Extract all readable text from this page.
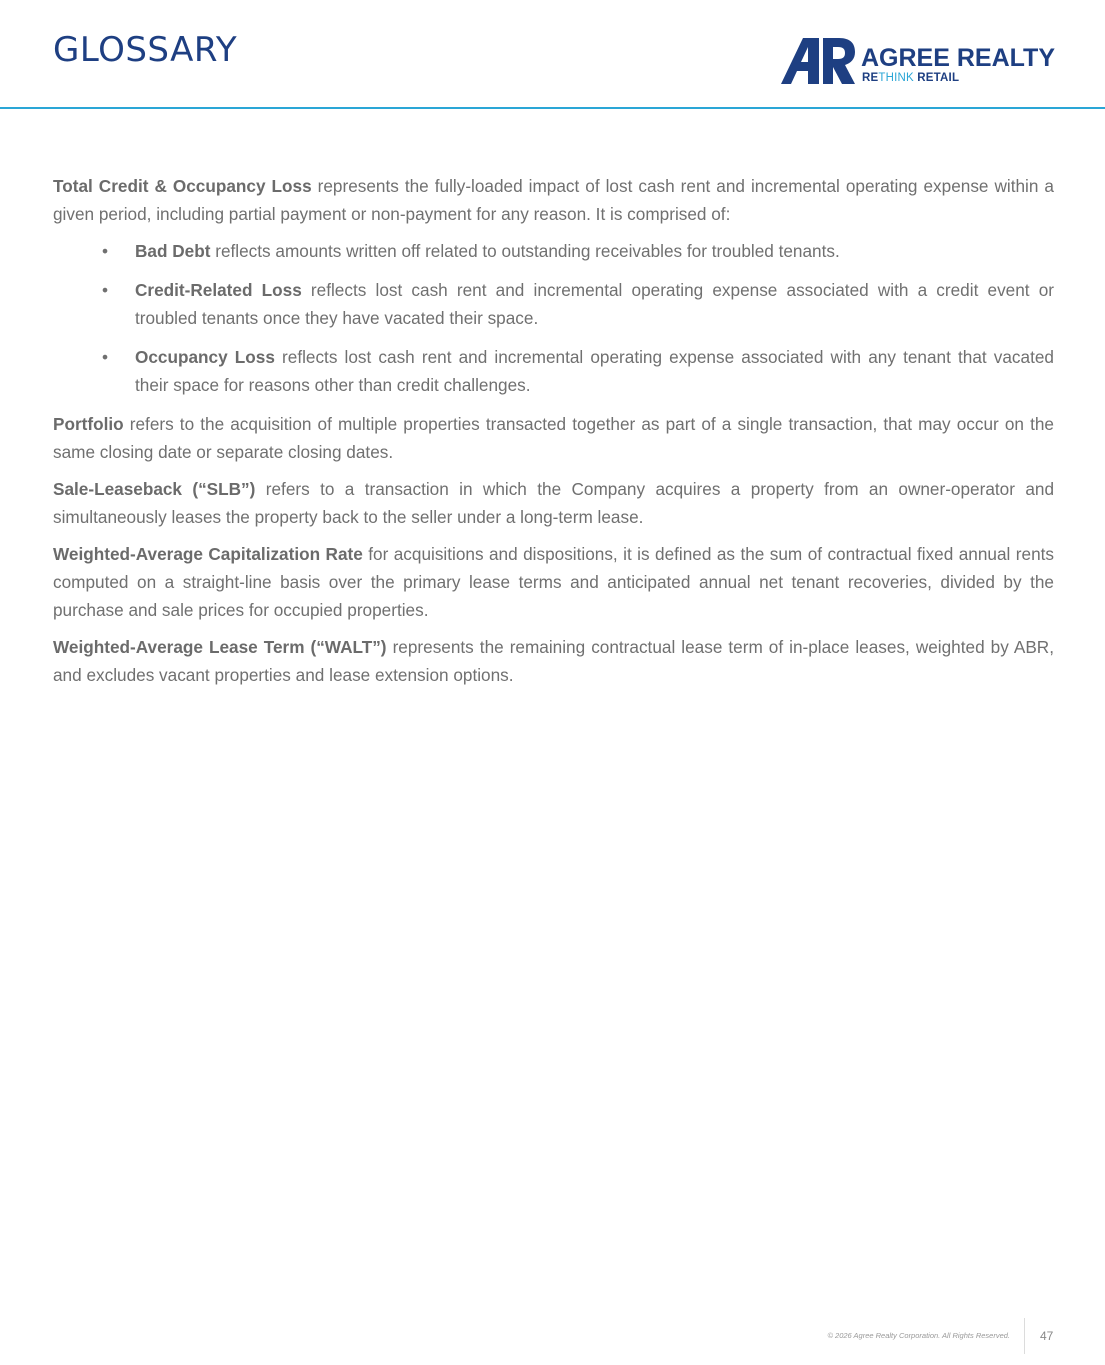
GLOSSARY	AGREE REALTY
RETHINK RETAIL

Total Credit & Occupancy Loss represents the fully-loaded impact of lost cash rent and incremental operating expense within a given period, including partial payment or non-payment for any reason. It is comprised of:

• Bad Debt reflects amounts written off related to outstanding receivables for troubled tenants.
• Credit-Related Loss reflects lost cash rent and incremental operating expense associated with a credit event or troubled tenants once they have vacated their space.
• Occupancy Loss reflects lost cash rent and incremental operating expense associated with any tenant that vacated their space for reasons other than credit challenges.

Portfolio refers to the acquisition of multiple properties transacted together as part of a single transaction, that may occur on the same closing date or separate closing dates.

Sale-Leaseback (“SLB”) refers to a transaction in which the Company acquires a property from an owner-operator and simultaneously leases the property back to the seller under a long-term lease.

Weighted-Average Capitalization Rate for acquisitions and dispositions, it is defined as the sum of contractual fixed annual rents computed on a straight-line basis over the primary lease terms and anticipated annual net tenant recoveries, divided by the purchase and sale prices for occupied properties.

Weighted-Average Lease Term (“WALT”) represents the remaining contractual lease term of in-place leases, weighted by ABR, and excludes vacant properties and lease extension options.

© 2026 Agree Realty Corporation. All Rights Reserved.	47
